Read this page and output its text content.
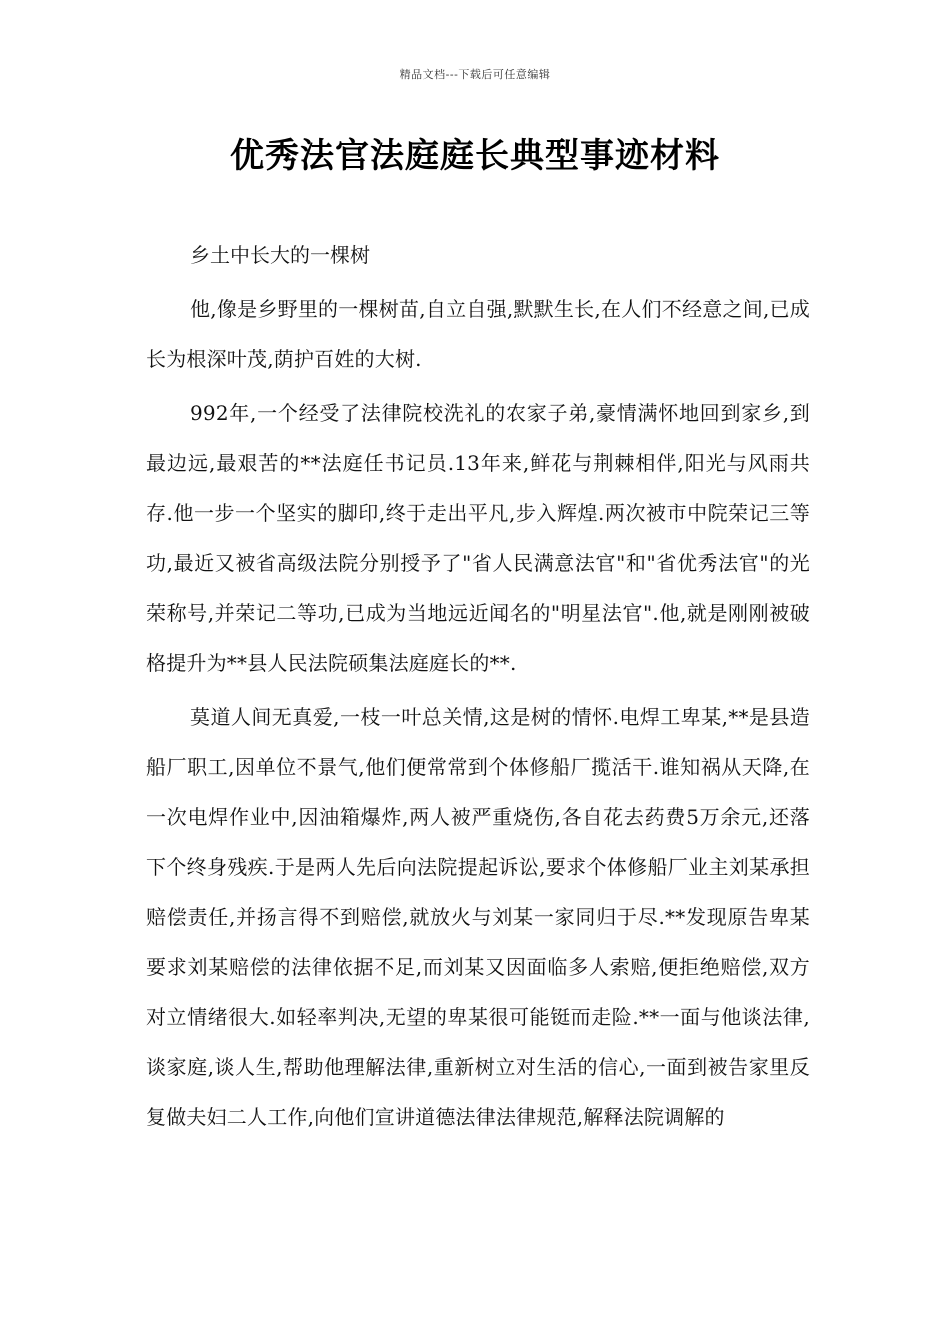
精品文档---下载后可任意编辑
优秀法官法庭庭长典型事迹材料

乡土中长大的一棵树

他,像是乡野里的一棵树苗,自立自强,默默生长,在人们不经意之间,已成长为根深叶茂,荫护百姓的大树.

992年,一个经受了法律院校洗礼的农家子弟,豪情满怀地回到家乡,到最边远,最艰苦的**法庭任书记员.13年来,鲜花与荆棘相伴,阳光与风雨共存.他一步一个坚实的脚印,终于走出平凡,步入辉煌.两次被市中院荣记三等功,最近又被省高级法院分别授予了"省人民满意法官"和"省优秀法官"的光荣称号,并荣记二等功,已成为当地远近闻名的"明星法官".他,就是刚刚被破格提升为**县人民法院硕集法庭庭长的**.

莫道人间无真爱,一枝一叶总关情,这是树的情怀.电焊工卑某,**是县造船厂职工,因单位不景气,他们便常常到个体修船厂揽活干.谁知祸从天降,在一次电焊作业中,因油箱爆炸,两人被严重烧伤,各自花去药费5万余元,还落下个终身残疾.于是两人先后向法院提起诉讼,要求个体修船厂业主刘某承担赔偿责任,并扬言得不到赔偿,就放火与刘某一家同归于尽.**发现原告卑某要求刘某赔偿的法律依据不足,而刘某又因面临多人索赔,便拒绝赔偿,双方对立情绪很大.如轻率判决,无望的卑某很可能铤而走险.**一面与他谈法律,谈家庭,谈人生,帮助他理解法律,重新树立对生活的信心,一面到被告家里反复做夫妇二人工作,向他们宣讲道德法律法律规范,解释法院调解的
